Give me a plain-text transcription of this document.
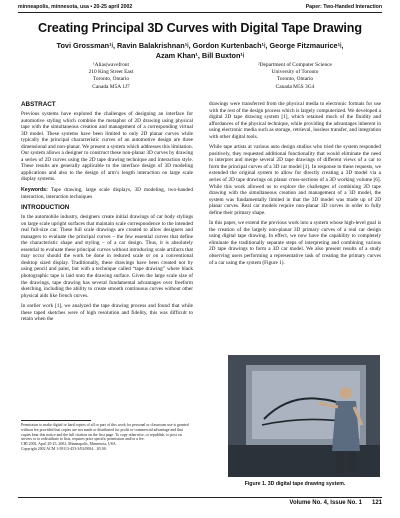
minneapolis, minnesota, usa • 20-25 april 2002	Paper: Two-Handed Interaction
Creating Principal 3D Curves with Digital Tape Drawing
Tovi Grossman¹ʲ, Ravin Balakrishnan¹ʲ, Gordon Kurtenbach¹ʲ, George Fitzmaurice¹ʲ,
Azam Khan¹, Bill Buxton¹ʲ
¹Alias|wavefront
210 King Street East
Toronto, Ontario
Canada M5A 1J7
²Department of Computer Science
University of Toronto
Toronto, Ontario
Canada M5S 3G4
ABSTRACT

Previous systems have explored the challenges of designing an interface for automotive styling which combine the metaphor of 2D drawing using physical tape with the simultaneous creation and management of a corresponding virtual 3D model. These systems have been limited to only 2D planar curves while typically the principal characteristic curves of an automotive design are three dimensional and non-planar. We present a system which addresses this limitation. Our system allows a designer to construct these non-planar 3D curves by drawing a series of 2D curves using the 2D tape drawing technique and interaction style. These results are generally applicable to the interface design of 3D modeling applications and also to the design of arm’s length interaction on large scale display systems.

Keywords: Tape drawing, large scale displays, 3D modeling, two-handed interaction, interaction techniques

INTRODUCTION

In the automobile industry, designers create initial drawings of car body stylings on large scale upright surfaces that maintain scale correspondence to the intended real full-size car. These full scale drawings are created to allow designers and managers to evaluate the principal curves – the few essential curves that define the characteristic shape and styling – of a car design. Thus, it is absolutely essential to evaluate these principal curves without introducing scale artifacts that may occur should the work be done in reduced scale or on a conventional desktop sized display. Traditionally, these drawings have been created not by using pencil and paint, but with a technique called “tape drawing” where black photographic tape is laid onto the drawing surface. Given the large scale size of the drawings, tape drawing has several fundamental advantages over freeform sketching, including the ability to create smooth continuous curves without other physical aids like french curves.

In earlier work [1], we analyzed the tape drawing process and found that while these taped sketches were of high resolution and fidelity, this was difficult to retain when the

Permission to make digital or hard copies of all or part of this work for personal or classroom use is granted without fee provided that copies are not made or distributed for profit or commercial advantage and that copies bear this notice and the full citation on the first page. To copy otherwise, or republish, to post on servers or to redistribute to lists, requires prior specific permission and/or a fee.
CHI 2002, April 20-25, 2002, Minneapolis, Minnesota, USA.
Copyright 2002 ACM 1-58113-453-3/02/0004…$5.00.

drawings were transferred from the physical media to electronic formats for use with the rest of the design process which is largely computerized. We developed a digital 2D tape drawing system [1], which retained much of the fluidity and affordances of the physical technique, while providing the advantages inherent in using electronic media such as storage, retrieval, lossless transfer, and integration with other digital tools.

While tape artists at various auto design studios who tried the system responded positively, they requested additional functionality that would eliminate the need to interpret and merge several 2D tape drawings of different views of a car to form the principal curves of a 3D car model [1]. In response to these requests, we extended the original system to allow for directly creating a 3D model via a series of 2D tape drawings on planar cross-sections of a 3D working volume [6]. While this work allowed us to explore the challenges of combining 2D tape drawing with the simultaneous creation and management of a 3D model, the system was fundamentally limited in that the 3D model was made up of 2D planar curves. Real car models require non-planar 3D curves in order to fully define their primary shape.

In this paper, we extend the previous work into a system whose high-level goal is the creation of the largely non-planar 3D primary curves of a real car design using digital tape drawing. In effect, we now have the capability to completely eliminate the traditionally separate steps of interpreting and combining various 2D tape drawings to form a 3D car model. We also present results of a study observing users performing a representative task of creating the primary curves of a car using the system (Figure 1).

Figure 1. 3D digital tape drawing system.
Volume No. 4, Issue No. 1 121
